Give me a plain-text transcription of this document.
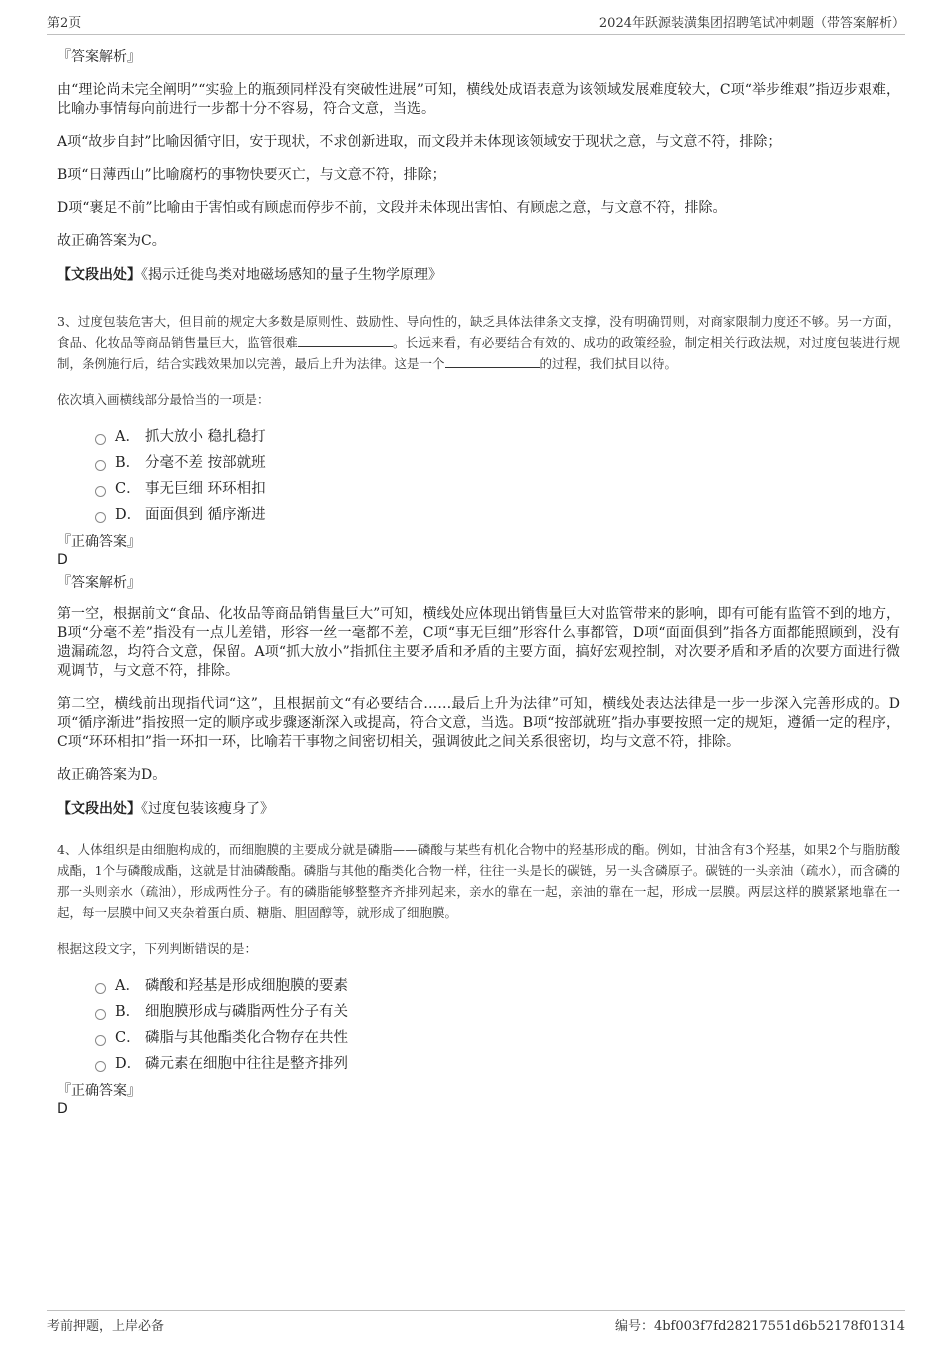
第2页	2024年跃源装潢集团招聘笔试冲刺题（带答案解析）

『答案解析』

由“理论尚未完全阐明”“实验上的瓶颈同样没有突破性进展”可知，横线处成语表意为该领域发展难度较大，C项“举步维艰”指迈步艰难，比喻办事情每向前进行一步都十分不容易，符合文意，当选。

A项“故步自封”比喻因循守旧，安于现状，不求创新进取，而文段并未体现该领域安于现状之意，与文意不符，排除；

B项“日薄西山”比喻腐朽的事物快要灭亡，与文意不符，排除；

D项“裹足不前”比喻由于害怕或有顾虑而停步不前，文段并未体现出害怕、有顾虑之意，与文意不符，排除。

故正确答案为C。

【文段出处】《揭示迁徙鸟类对地磁场感知的量子生物学原理》

3、过度包装危害大，但目前的规定大多数是原则性、鼓励性、导向性的，缺乏具体法律条文支撑，没有明确罚则，对商家限制力度还不够。另一方面，食品、化妆品等商品销售量巨大，监管很难	。长远来看，有必要结合有效的、成功的政策经验，制定相关行政法规，对过度包装进行规制，条例施行后，结合实践效果加以完善，最后上升为法律。这是一个	的过程，我们拭目以待。

依次填入画横线部分最恰当的一项是：

A． 抓大放小 稳扎稳打
B． 分毫不差 按部就班
C． 事无巨细 环环相扣
D． 面面俱到 循序渐进

『正确答案』

D

『答案解析』

第一空，根据前文“食品、化妆品等商品销售量巨大”可知，横线处应体现出销售量巨大对监管带来的影响，即有可能有监管不到的地方，B项“分毫不差”指没有一点儿差错，形容一丝一毫都不差，C项“事无巨细”形容什么事都管，D项“面面俱到”指各方面都能照顾到，没有遗漏疏忽，均符合文意，保留。A项“抓大放小”指抓住主要矛盾和矛盾的主要方面，搞好宏观控制，对次要矛盾和矛盾的次要方面进行微观调节，与文意不符，排除。

第二空，横线前出现指代词“这”，且根据前文“有必要结合……最后上升为法律”可知，横线处表达法律是一步一步深入完善形成的。D项“循序渐进”指按照一定的顺序或步骤逐渐深入或提高，符合文意，当选。B项“按部就班”指办事要按照一定的规矩，遵循一定的程序，C项“环环相扣”指一环扣一环，比喻若干事物之间密切相关，强调彼此之间关系很密切，均与文意不符，排除。

故正确答案为D。

【文段出处】《过度包装该瘦身了》

4、人体组织是由细胞构成的，而细胞膜的主要成分就是磷脂——磷酸与某些有机化合物中的羟基形成的酯。例如，甘油含有3个羟基，如果2个与脂肪酸成酯，1个与磷酸成酯，这就是甘油磷酸酯。磷脂与其他的酯类化合物一样，往往一头是长的碳链，另一头含磷原子。碳链的一头亲油（疏水），而含磷的那一头则亲水（疏油），形成两性分子。有的磷脂能够整整齐齐排列起来，亲水的靠在一起，亲油的靠在一起，形成一层膜。两层这样的膜紧紧地靠在一起，每一层膜中间又夹杂着蛋白质、糖脂、胆固醇等，就形成了细胞膜。

根据这段文字，下列判断错误的是：

A． 磷酸和羟基是形成细胞膜的要素
B． 细胞膜形成与磷脂两性分子有关
C． 磷脂与其他酯类化合物存在共性
D． 磷元素在细胞中往往是整齐排列

『正确答案』

D

考前押题，上岸必备	编号：4bf003f7fd28217551d6b52178f01314
